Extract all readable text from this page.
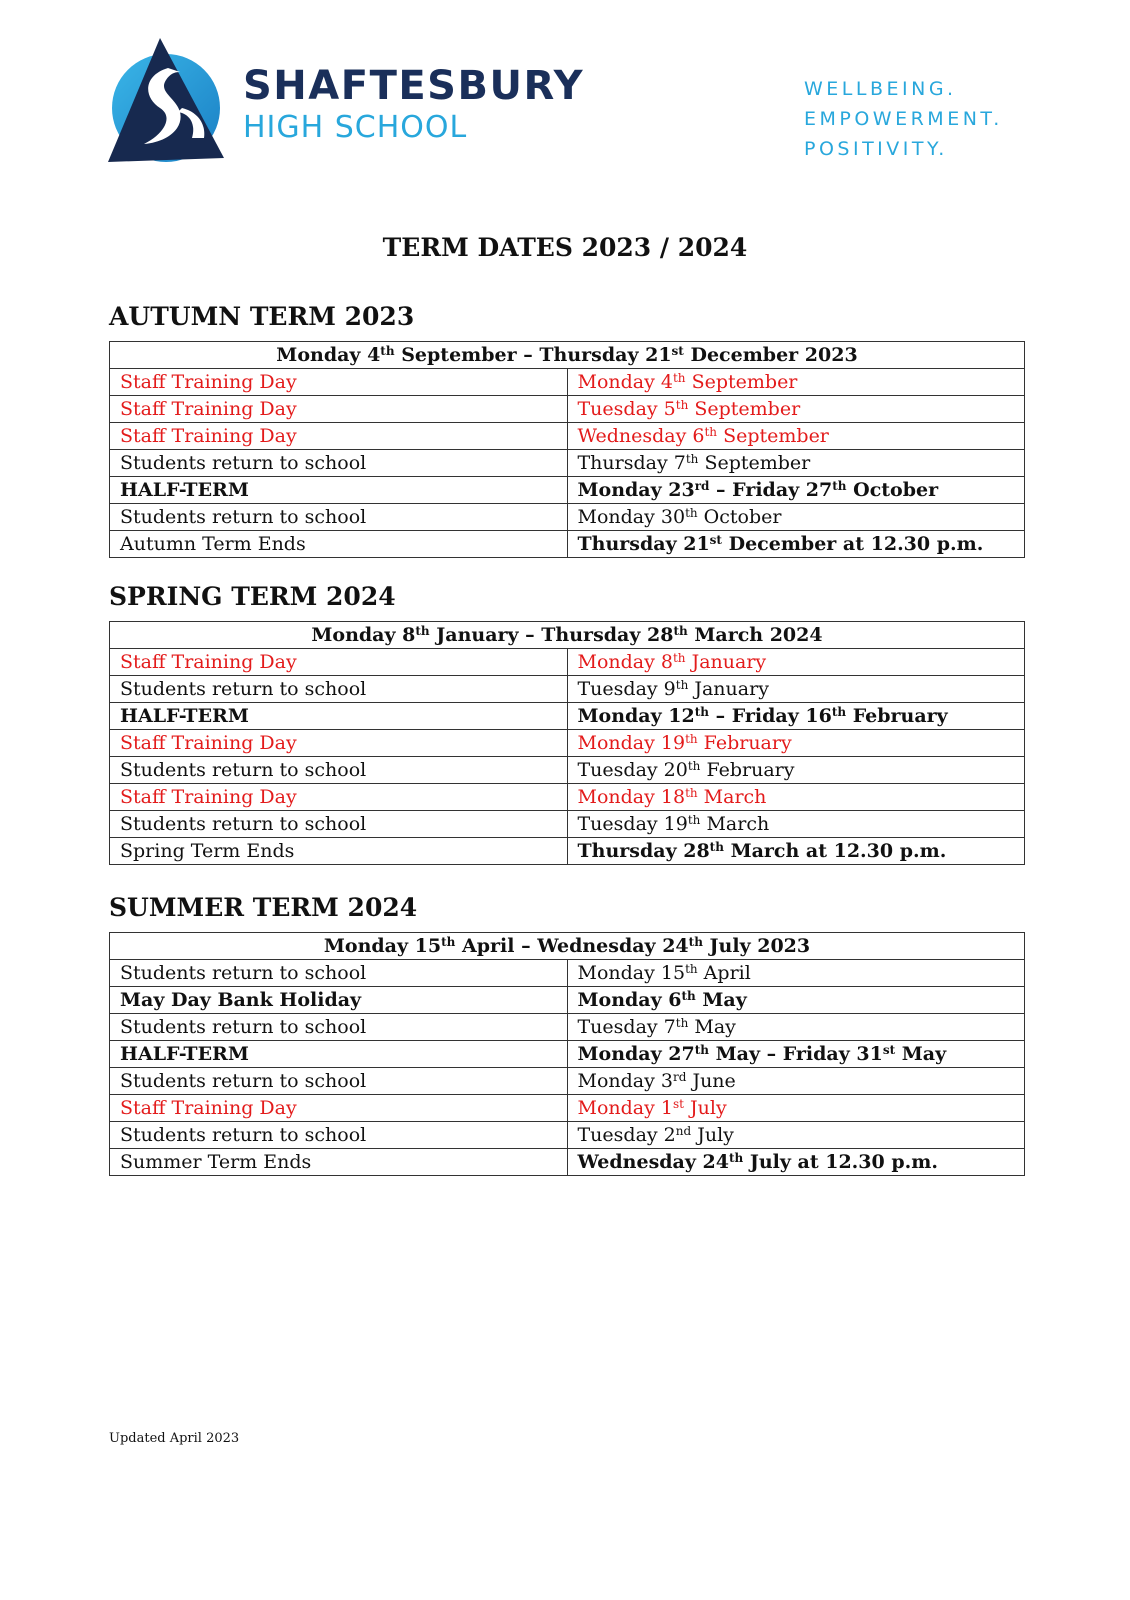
SHAFTESBURY
HIGH SCHOOL
WELLBEING.
EMPOWERMENT.
POSITIVITY.
TERM DATES 2023 / 2024
AUTUMN TERM 2023
Monday 4th September – Thursday 21st December 2023	
Staff Training Day	Monday 4th September
Staff Training Day	Tuesday 5th September
Staff Training Day	Wednesday 6th September
Students return to school	Thursday 7th September
HALF-TERM	Monday 23rd – Friday 27th October
Students return to school	Monday 30th October
Autumn Term Ends	Thursday 21st December at 12.30 p.m.
SPRING TERM 2024
Monday 8th January – Thursday 28th March 2024	
Staff Training Day	Monday 8th January
Students return to school	Tuesday 9th January
HALF-TERM	Monday 12th – Friday 16th February
Staff Training Day	Monday 19th February
Students return to school	Tuesday 20th February
Staff Training Day	Monday 18th March
Students return to school	Tuesday 19th March
Spring Term Ends	Thursday 28th March at 12.30 p.m.
SUMMER TERM 2024
Monday 15th April – Wednesday 24th July 2023	
Students return to school	Monday 15th April
May Day Bank Holiday	Monday 6th May
Students return to school	Tuesday 7th May
HALF-TERM	Monday 27th May – Friday 31st May
Students return to school	Monday 3rd June
Staff Training Day	Monday 1st July
Students return to school	Tuesday 2nd July
Summer Term Ends	Wednesday 24th July at 12.30 p.m.
Updated April 2023
